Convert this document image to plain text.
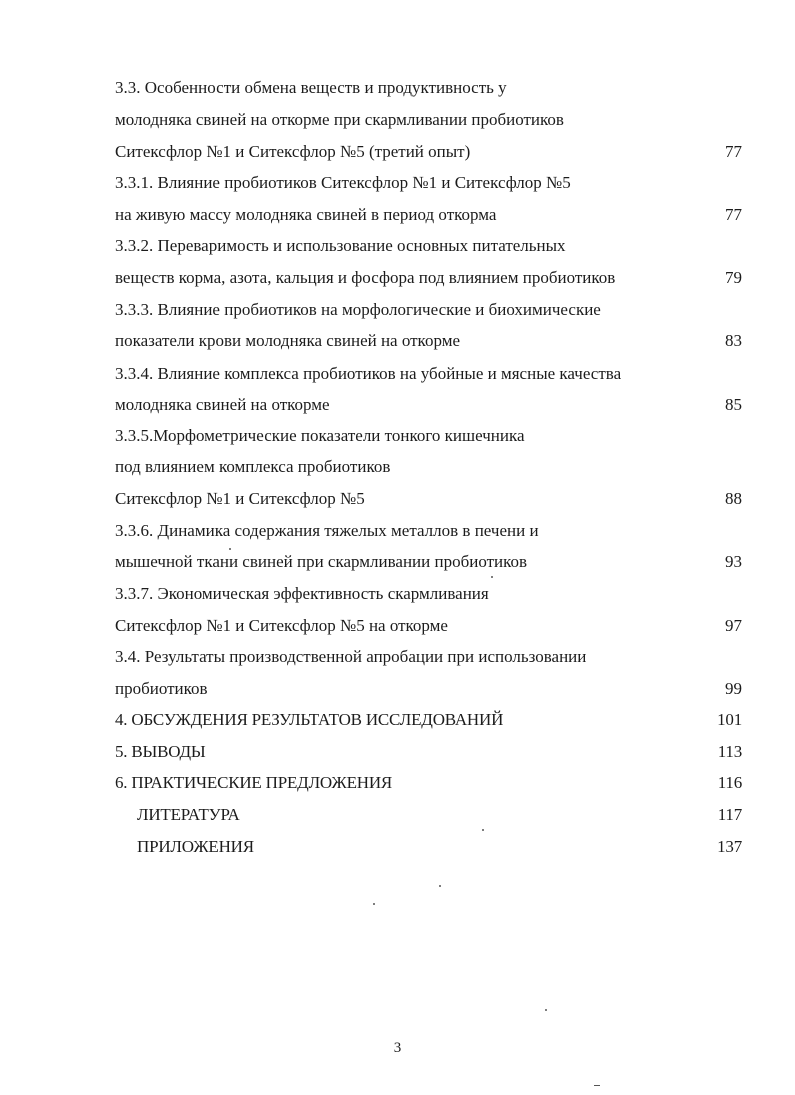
3.3. Особенности обмена веществ и продуктивность у
молодняка свиней на откорме при скармливании пробиотиков
Ситексфлор №1 и Ситексфлор №5 (третий опыт)	77
3.3.1. Влияние пробиотиков Ситексфлор №1 и Ситексфлор №5
на живую массу молодняка свиней в период откорма	77
3.3.2. Переваримость и использование основных питательных
веществ корма, азота, кальция и фосфора под влиянием пробиотиков	79
3.3.3. Влияние пробиотиков на морфологические и биохимические
показатели крови молодняка свиней на откорме	83
3.3.4. Влияние комплекса пробиотиков на убойные и мясные качества
молодняка свиней на откорме	85
3.3.5.Морфометрические показатели тонкого кишечника
под влиянием комплекса пробиотиков
Ситексфлор №1 и Ситексфлор №5	88
3.3.6. Динамика содержания тяжелых металлов в печени и
мышечной ткани свиней при скармливании пробиотиков	93
3.3.7. Экономическая эффективность скармливания
Ситексфлор №1 и Ситексфлор №5 на откорме	97
3.4. Результаты производственной апробации при использовании
пробиотиков	99
4. ОБСУЖДЕНИЯ РЕЗУЛЬТАТОВ ИССЛЕДОВАНИЙ	101
5. ВЫВОДЫ	113
6. ПРАКТИЧЕСКИЕ ПРЕДЛОЖЕНИЯ	116
ЛИТЕРАТУРА	117
ПРИЛОЖЕНИЯ	137
3
